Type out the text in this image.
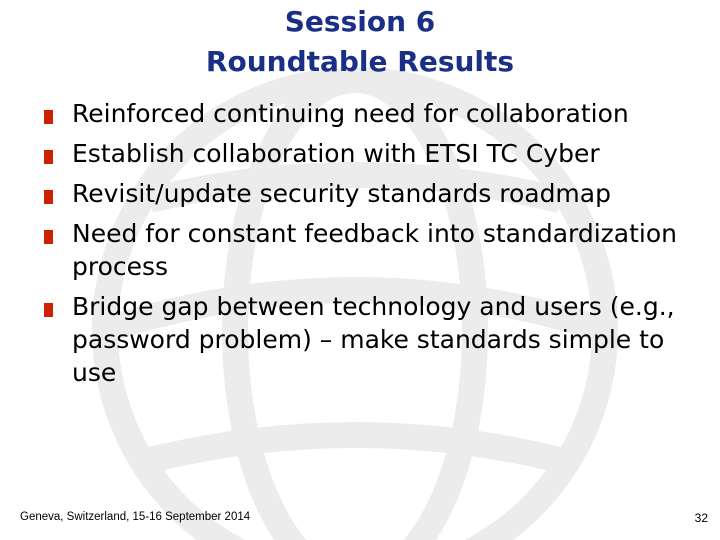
Session 6
Roundtable Results
Reinforced continuing need for collaboration
Establish collaboration with ETSI TC Cyber
Revisit/update security standards roadmap
Need for constant feedback into standardization process
Bridge gap between technology and users (e.g., password problem) – make standards simple to use
Geneva, Switzerland, 15-16 September 2014	32
